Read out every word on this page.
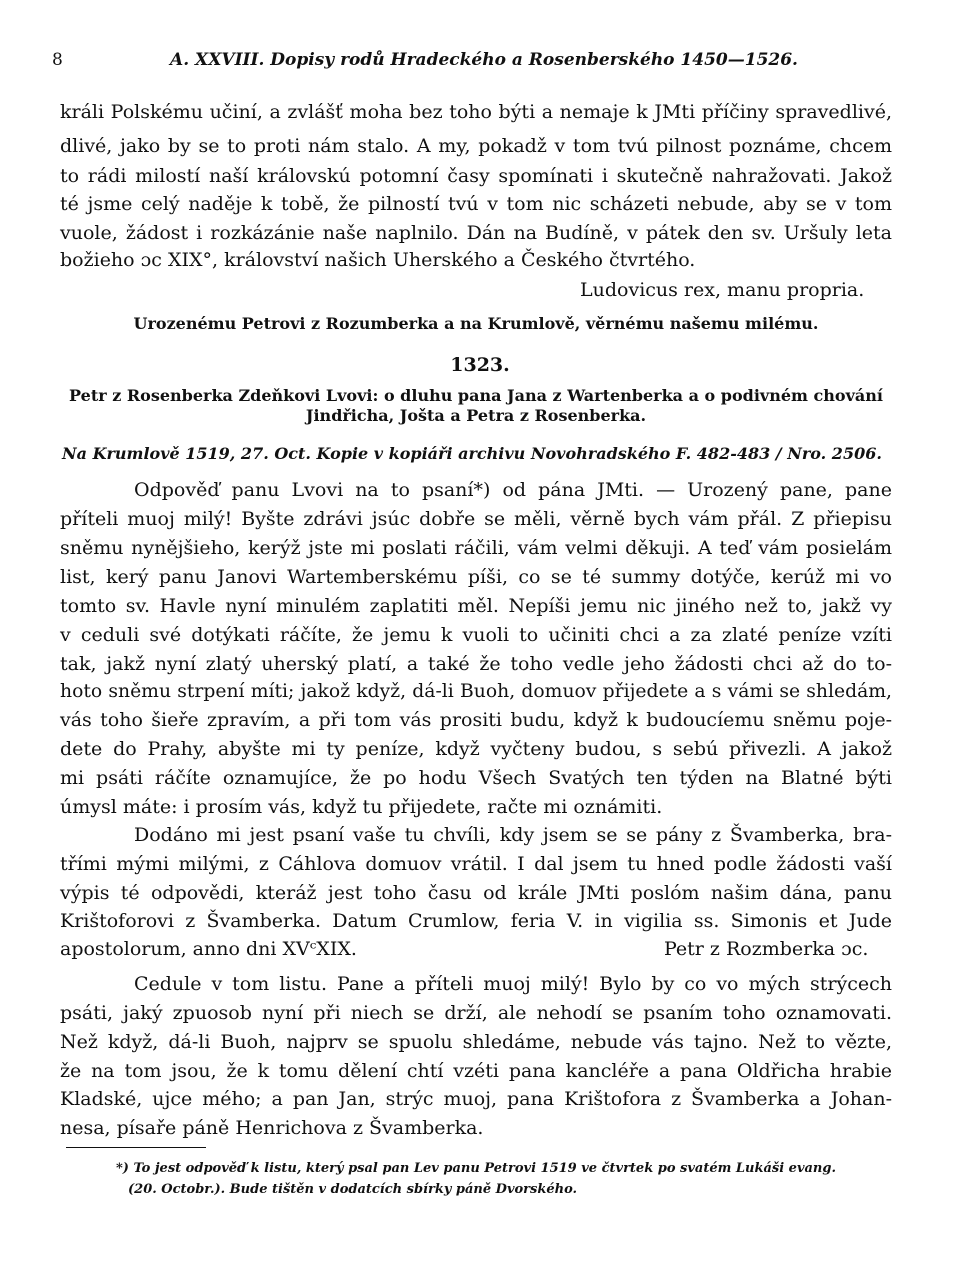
8	A. XXVIII. Dopisy rodů Hradeckého a Rosenberského 1450—1526.
králi Polskému učiní, a zvlášť moha bez toho býti a nemaje k JMti příčiny spravedlivé,
dlivé, jako by se to proti nám stalo. A my, pokadž v tom tvú pilnost poznáme, chcem
to rádi milostí naší královskú potomní časy spomínati i skutečně nahražovati. Jakož
té jsme celý naděje k tobě, že pilností tvú v tom nic scházeti nebude, aby se v tom
vuole, žádost i rozkázánie naše naplnilo. Dán na Budíně, v pátek den sv. Uršuly leta
božieho ɔc XIX°, království našich Uherského a Českého čtvrtého.
Ludovicus rex, manu propria.
Urozenému Petrovi z Rozumberka a na Krumlově, věrnému našemu milému.
1323.
Petr z Rosenberka Zdeňkovi Lvovi: o dluhu pana Jana z Wartenberka a o podivném chování
Jindřicha, Jošta a Petra z Rosenberka.
Na Krumlově 1519, 27. Oct. Kopie v kopiáři archivu Novohradského F. 482-483 / Nro. 2506.
Odpověď panu Lvovi na to psaní*) od pána JMti. — Urozený pane, pane
příteli muoj milý! Byšte zdrávi jsúc dobře se měli, věrně bych vám přál. Z přiepisu
sněmu nynějšieho, kerýž jste mi poslati ráčili, vám velmi děkuji. A teď vám posielám
list, kerý panu Janovi Wartemberskému píši, co se té summy dotýče, kerúž mi vo
tomto sv. Havle nyní minulém zaplatiti měl. Nepíši jemu nic jiného než to, jakž vy
v ceduli své dotýkati ráčíte, že jemu k vuoli to učiniti chci a za zlaté peníze vzíti
tak, jakž nyní zlatý uherský platí, a také že toho vedle jeho žádosti chci až do to-
hoto sněmu strpení míti; jakož když, dá-li Buoh, domuov přijedete a s vámi se shledám,
vás toho šieře zpravím, a při tom vás prositi budu, když k budoucíemu sněmu poje-
dete do Prahy, abyšte mi ty peníze, když vyčteny budou, s sebú přivezli. A jakož
mi psáti ráčíte oznamujíce, že po hodu Všech Svatých ten týden na Blatné býti
úmysl máte: i prosím vás, když tu přijedete, račte mi oznámiti.
Dodáno mi jest psaní vaše tu chvíli, kdy jsem se se pány z Švamberka, bra-
třími mými milými, z Cáhlova domuov vrátil. I dal jsem tu hned podle žádosti vaší
výpis té odpovědi, kteráž jest toho času od krále JMti poslóm našim dána, panu
Krištoforovi z Švamberka. Datum Crumlow, feria V. in vigilia ss. Simonis et Jude
apostolorum, anno dni XVᶜXIX.	Petr z Rozmberka ɔc.
Cedule v tom listu. Pane a příteli muoj milý! Bylo by co vo mých strýcech
psáti, jaký zpuosob nyní při niech se drží, ale nehodí se psaním toho oznamovati.
Než když, dá-li Buoh, najprv se spuolu shledáme, nebude vás tajno. Než to vězte,
že na tom jsou, že k tomu dělení chtí vzéti pana kancléře a pana Oldřicha hrabie
Kladské, ujce mého; a pan Jan, strýc muoj, pana Krištofora z Švamberka a Johan-
nesa, písaře páně Henrichova z Švamberka.
*) To jest odpověď k listu, který psal pan Lev panu Petrovi 1519 ve čtvrtek po svatém Lukáši evang.
(20. Octobr.). Bude tištěn v dodatcích sbírky páně Dvorského.
